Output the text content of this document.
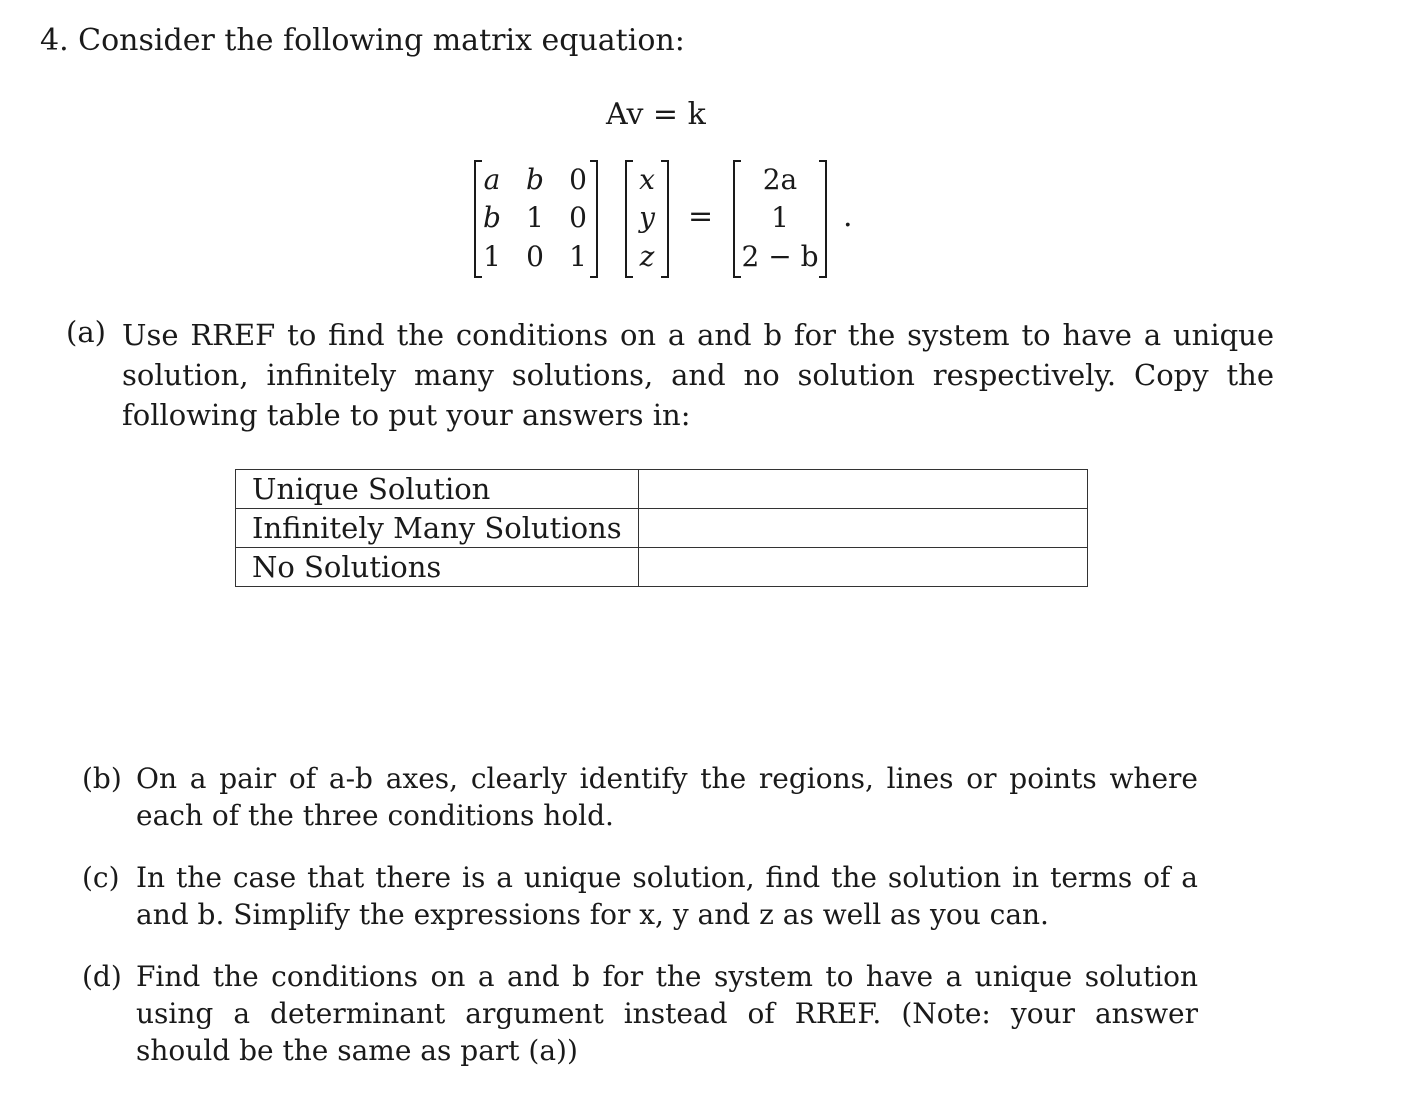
4. Consider the following matrix equation:
Av = k
a b 0
b 1 0
1 0 1
x
y
z
=
2a
1
2 − b
.
(a) Use RREF to find the conditions on a and b for the system to have a unique solution, infinitely many solutions, and no solution respectively. Copy the following table to put your answers in:
Unique Solution	
Infinitely Many Solutions	
No Solutions	
(b) On a pair of a-b axes, clearly identify the regions, lines or points where each of the three conditions hold.
(c) In the case that there is a unique solution, find the solution in terms of a and b. Simplify the expressions for x, y and z as well as you can.
(d) Find the conditions on a and b for the system to have a unique solution using a determinant argument instead of RREF. (Note: your answer should be the same as part (a))
